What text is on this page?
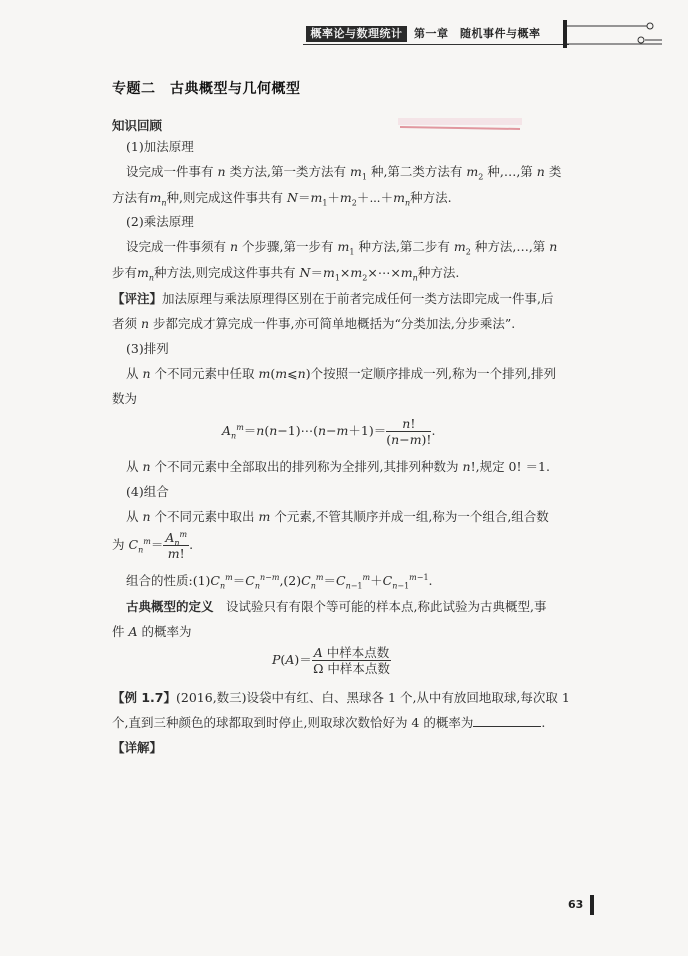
概率论与数理统计	第一章　随机事件与概率
专题二　古典概型与几何概型
知识回顾
(1)加法原理
设完成一件事有 n 类方法,第一类方法有 $m_1$ 种,第二类方法有 $m_2$ 种,…,第 n 类
方法有$m_n$种,则完成这件事共有 $N=m_1+m_2+\cdots+m_n$种方法.
(2)乘法原理
设完成一件事须有 n 个步骤,第一步有 $m_1$ 种方法,第二步有 $m_2$ 种方法,…,第 n
步有$m_n$种方法,则完成这件事共有 $N=m_1\times m_2\times\cdots\times m_n$种方法.
【评注】加法原理与乘法原理得区别在于前者完成任何一类方法即完成一件事,后
者须 n 步都完成才算完成一件事,亦可简单地概括为“分类加法,分步乘法”.
(3)排列
从 n 个不同元素中任取 m(m⩽n)个按照一定顺序排成一列,称为一个排列,排列
数为
$A_n^m=n(n-1)\cdots(n-m+1)= \frac{n!}{(n-m)!}$ .
从 n 个不同元素中全部取出的排列称为全排列,其排列种数为 n!,规定 0! ＝1.
(4)组合
从 n 个不同元素中取出 m 个元素,不管其顺序并成一组,称为一个组合,组合数
为 $C_n^m= \frac{A_n^m}{m!}$ .
组合的性质$:(1)C_n^m=C_n^{n-m},(2)C_n^m=C_{n-1}^m+C_{n-1}^{m-1}$.
古典概型的定义　 设试验只有有限个等可能的样本点,称此试验为古典概型,事
件 A 的概率为
$P(A)= \frac{\text{A 中样本点数}}{\text{Ω 中样本点数}}$
【例 1.7】(2016,数三)设袋中有红、白、黑球各 1 个,从中有放回地取球,每次取 1
个,直到三种颜色的球都取到时停止,则取球次数恰好为 4 的概率为	.
【详解】
63
